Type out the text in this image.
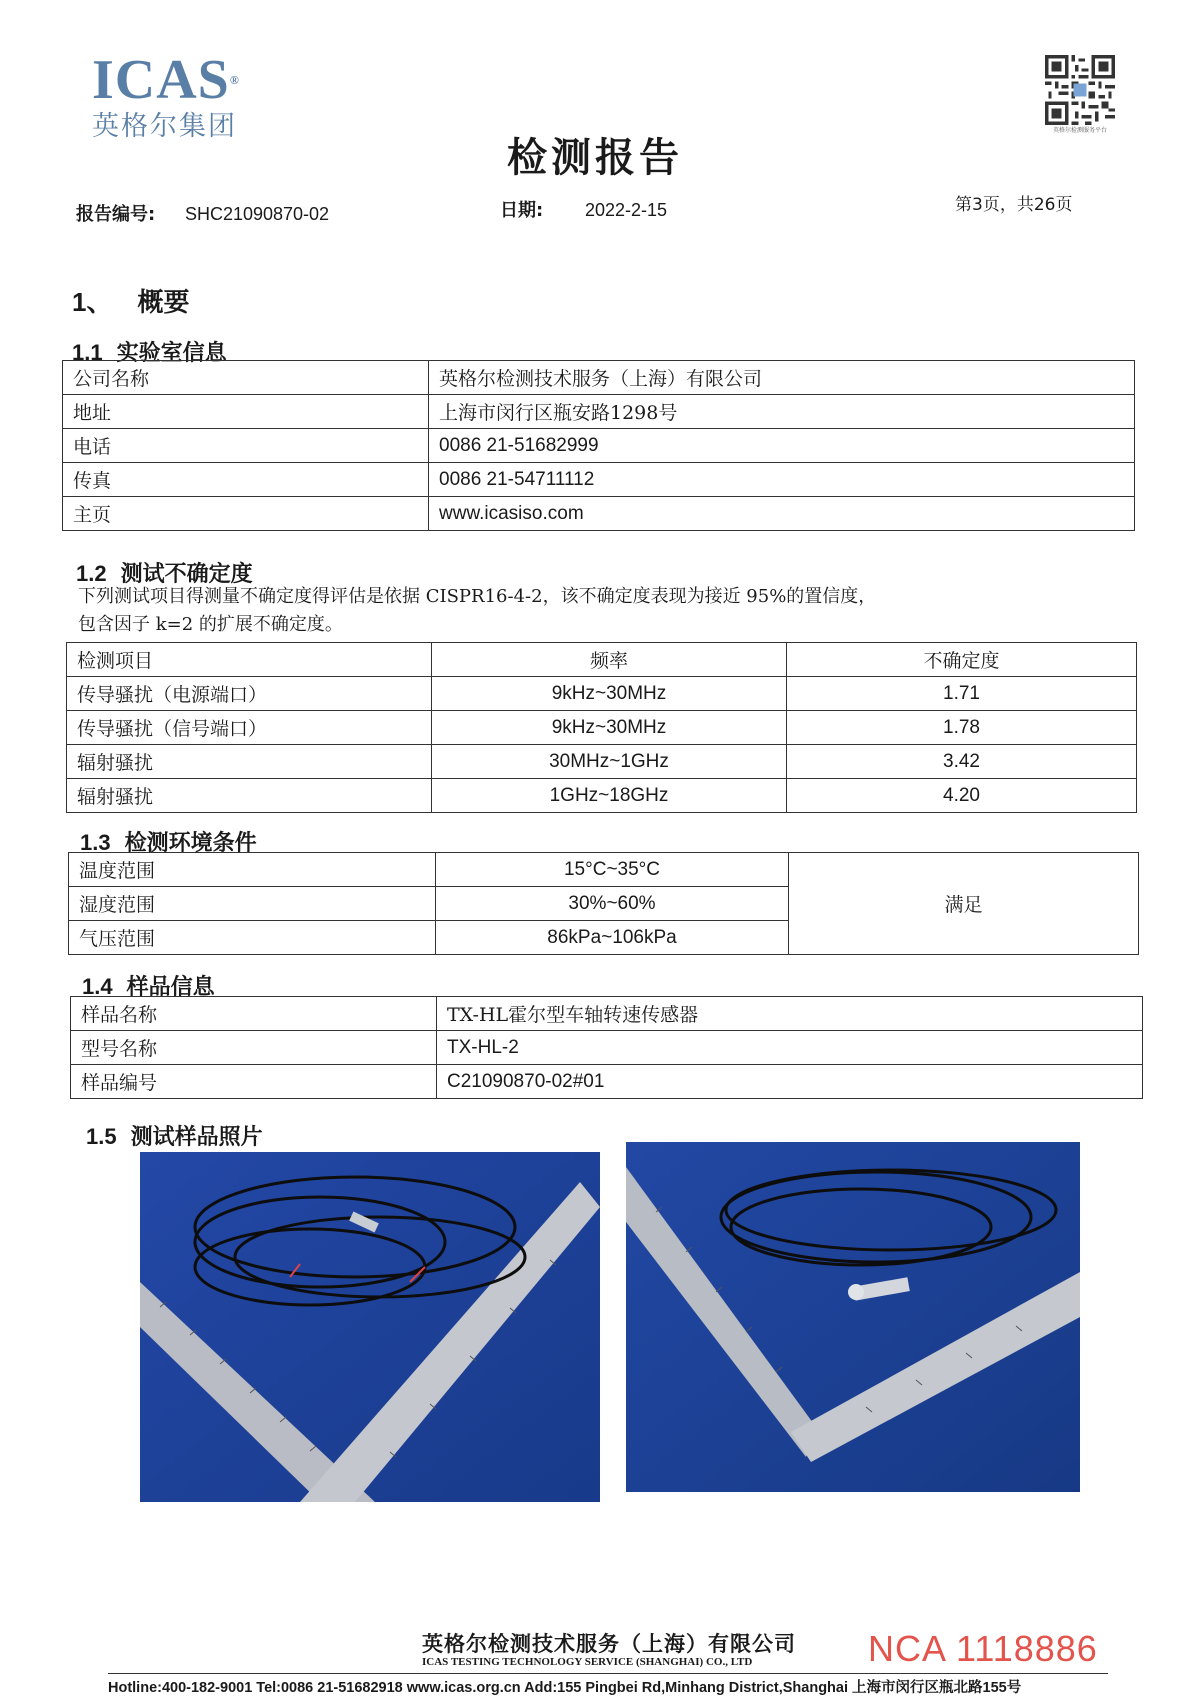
ICAS®
英格尔集团	英格尔检测服务平台
检测报告
报告编号: SHC21090870-02	日期: 2022-2-15	第3页，共26页
1、 概要
1.1 实验室信息
公司名称	英格尔检测技术服务（上海）有限公司
地址	上海市闵行区瓶安路1298号
电话	0086 21-51682999
传真	0086 21-54711112
主页	www.icasiso.com
1.2 测试不确定度
下列测试项目得测量不确定度得评估是依据 CISPR16-4-2，该不确定度表现为接近 95%的置信度，
包含因子 k=2 的扩展不确定度。
检测项目	频率	不确定度
传导骚扰（电源端口）	9kHz~30MHz	1.71
传导骚扰（信号端口）	9kHz~30MHz	1.78
辐射骚扰	30MHz~1GHz	3.42
辐射骚扰	1GHz~18GHz	4.20
1.3 检测环境条件
温度范围	15°C~35°C	满足
湿度范围	30%~60%	
气压范围	86kPa~106kPa	
1.4 样品信息
样品名称	TX-HL霍尔型车轴转速传感器
型号名称	TX-HL-2
样品编号	C21090870-02#01
1.5 测试样品照片
英格尔检测技术服务（上海）有限公司
ICAS TESTING TECHNOLOGY SERVICE (SHANGHAI) CO., LTD	NCA 1118886
Hotline:400-182-9001 Tel:0086 21-51682918 www.icas.org.cn Add:155 Pingbei Rd,Minhang District,Shanghai 上海市闵行区瓶北路155号
